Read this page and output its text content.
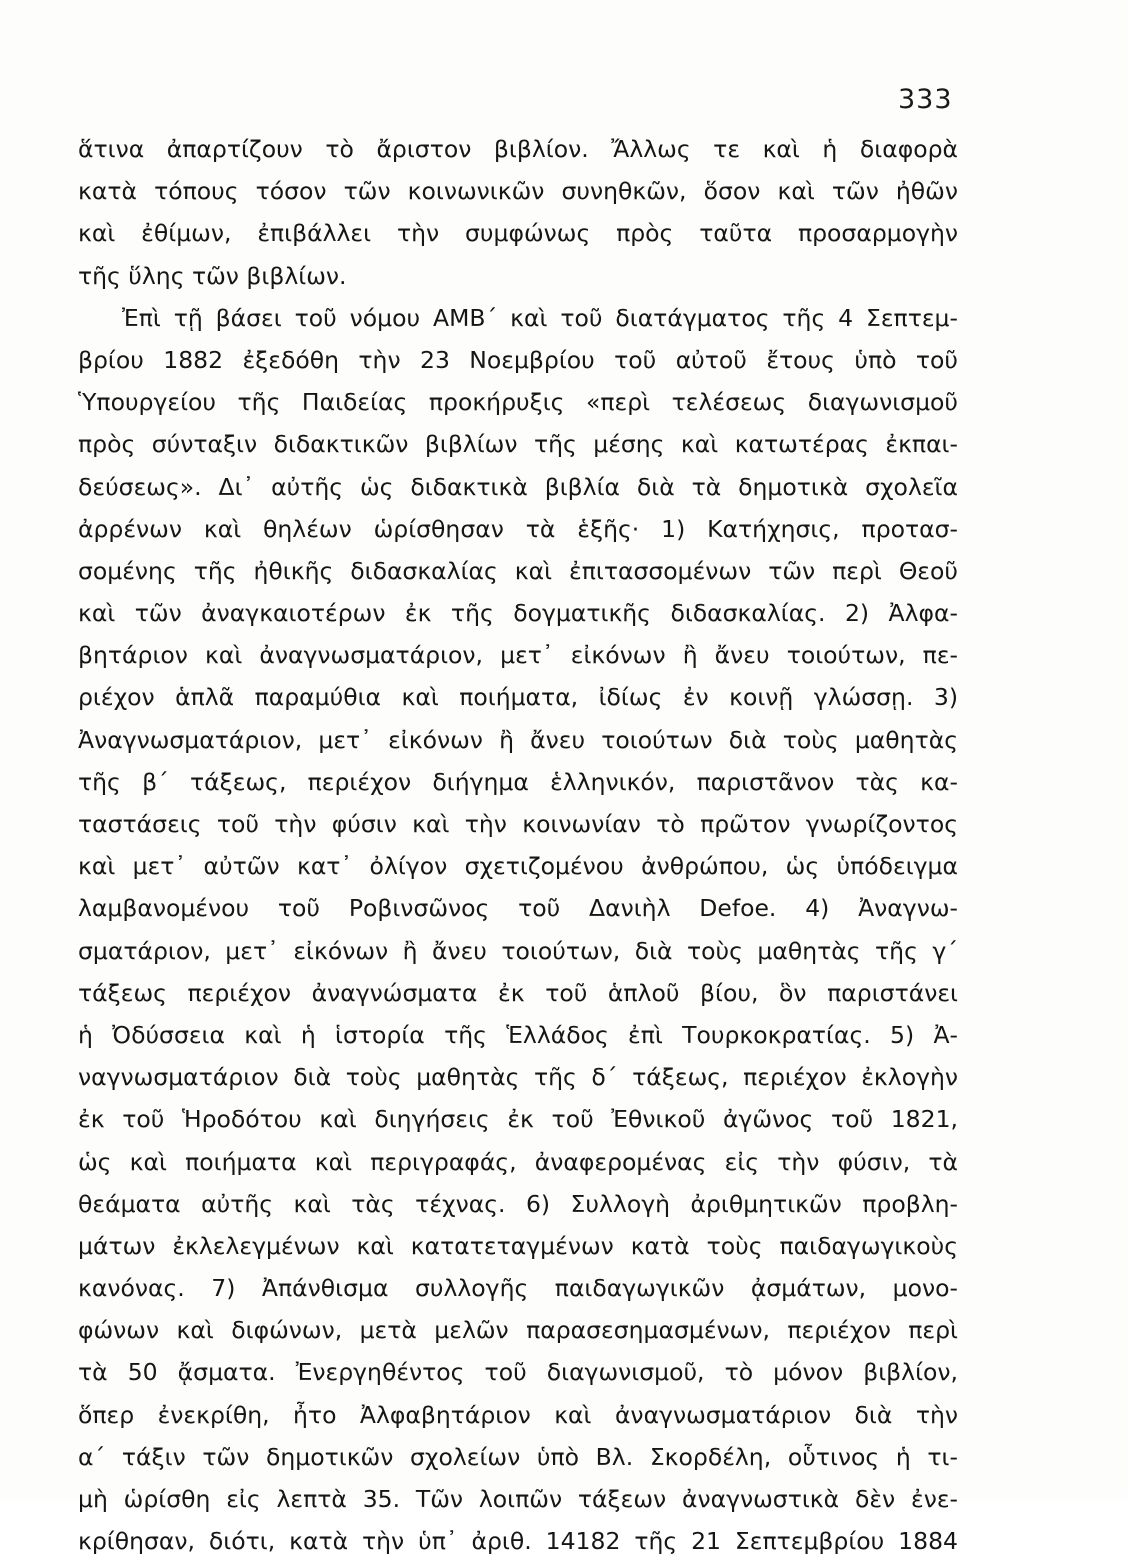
333
ἅτινα ἀπαρτίζουν τὸ ἄριστον βιβλίον. Ἄλλως τε καὶ ἡ διαφορὰ
κατὰ τόπους τόσον τῶν κοινωνικῶν συνηθκῶν, ὅσον καὶ τῶν ἠθῶν
καὶ ἐθίμων, ἐπιβάλλει τὴν συμφώνως πρὸς ταῦτα προσαρμογὴν
τῆς ὕλης τῶν βιβλίων.
Ἐπὶ τῇ βάσει τοῦ νόμου ΑΜΒ΄ καὶ τοῦ διατάγματος τῆς 4 Σεπτεμ-
βρίου 1882 ἐξεδόθη τὴν 23 Νοεμβρίου τοῦ αὐτοῦ ἔτους ὑπὸ τοῦ
Ὑπουργείου τῆς Παιδείας προκήρυξις «περὶ τελέσεως διαγωνισμοῦ
πρὸς σύνταξιν διδακτικῶν βιβλίων τῆς μέσης καὶ κατωτέρας ἐκπαι-
δεύσεως». Δι᾽ αὐτῆς ὡς διδακτικὰ βιβλία διὰ τὰ δημοτικὰ σχολεῖα
ἀρρένων καὶ θηλέων ὡρίσθησαν τὰ ἑξῆς· 1) Κατήχησις, προτασ-
σομένης τῆς ἠθικῆς διδασκαλίας καὶ ἐπιτασσομένων τῶν περὶ Θεοῦ
καὶ τῶν ἀναγκαιοτέρων ἐκ τῆς δογματικῆς διδασκαλίας. 2) Ἀλφα-
βητάριον καὶ ἀναγνωσματάριον, μετ᾽ εἰκόνων ἢ ἄνευ τοιούτων, πε-
ριέχον ἁπλᾶ παραμύθια καὶ ποιήματα, ἰδίως ἐν κοινῇ γλώσσῃ. 3)
Ἀναγνωσματάριον, μετ᾽ εἰκόνων ἢ ἄνευ τοιούτων διὰ τοὺς μαθητὰς
τῆς β΄ τάξεως, περιέχον διήγημα ἑλληνικόν, παριστᾶνον τὰς κα-
ταστάσεις τοῦ τὴν φύσιν καὶ τὴν κοινωνίαν τὸ πρῶτον γνωρίζοντος
καὶ μετ᾽ αὐτῶν κατ᾽ ὀλίγον σχετιζομένου ἀνθρώπου, ὡς ὑπόδειγμα
λαμβανομένου τοῦ Ροβινσῶνος τοῦ Δανιὴλ Defoe. 4) Ἀναγνω-
σματάριον, μετ᾽ εἰκόνων ἢ ἄνευ τοιούτων, διὰ τοὺς μαθητὰς τῆς γ΄
τάξεως περιέχον ἀναγνώσματα ἐκ τοῦ ἁπλοῦ βίου, ὃν παριστάνει
ἡ Ὀδύσσεια καὶ ἡ ἱστορία τῆς Ἑλλάδος ἐπὶ Τουρκοκρατίας. 5) Ἀ-
ναγνωσματάριον διὰ τοὺς μαθητὰς τῆς δ΄ τάξεως, περιέχον ἐκλογὴν
ἐκ τοῦ Ἡροδότου καὶ διηγήσεις ἐκ τοῦ Ἐθνικοῦ ἀγῶνος τοῦ 1821,
ὡς καὶ ποιήματα καὶ περιγραφάς, ἀναφερομένας εἰς τὴν φύσιν, τὰ
θεάματα αὐτῆς καὶ τὰς τέχνας. 6) Συλλογὴ ἀριθμητικῶν προβλη-
μάτων ἐκλελεγμένων καὶ κατατεταγμένων κατὰ τοὺς παιδαγωγικοὺς
κανόνας. 7) Ἀπάνθισμα συλλογῆς παιδαγωγικῶν ᾀσμάτων, μονο-
φώνων καὶ διφώνων, μετὰ μελῶν παρασεσημασμένων, περιέχον περὶ
τὰ 50 ᾄσματα. Ἐνεργηθέντος τοῦ διαγωνισμοῦ, τὸ μόνον βιβλίον,
ὅπερ ἐνεκρίθη, ἦτο Ἀλφαβητάριον καὶ ἀναγνωσματάριον διὰ τὴν
α΄ τάξιν τῶν δημοτικῶν σχολείων ὑπὸ Βλ. Σκορδέλη, οὗτινος ἡ τι-
μὴ ὡρίσθη εἰς λεπτὰ 35. Τῶν λοιπῶν τάξεων ἀναγνωστικὰ δὲν ἐνε-
κρίθησαν, διότι, κατὰ τὴν ὑπ᾽ ἀριθ. 14182 τῆς 21 Σεπτεμβρίου 1884
